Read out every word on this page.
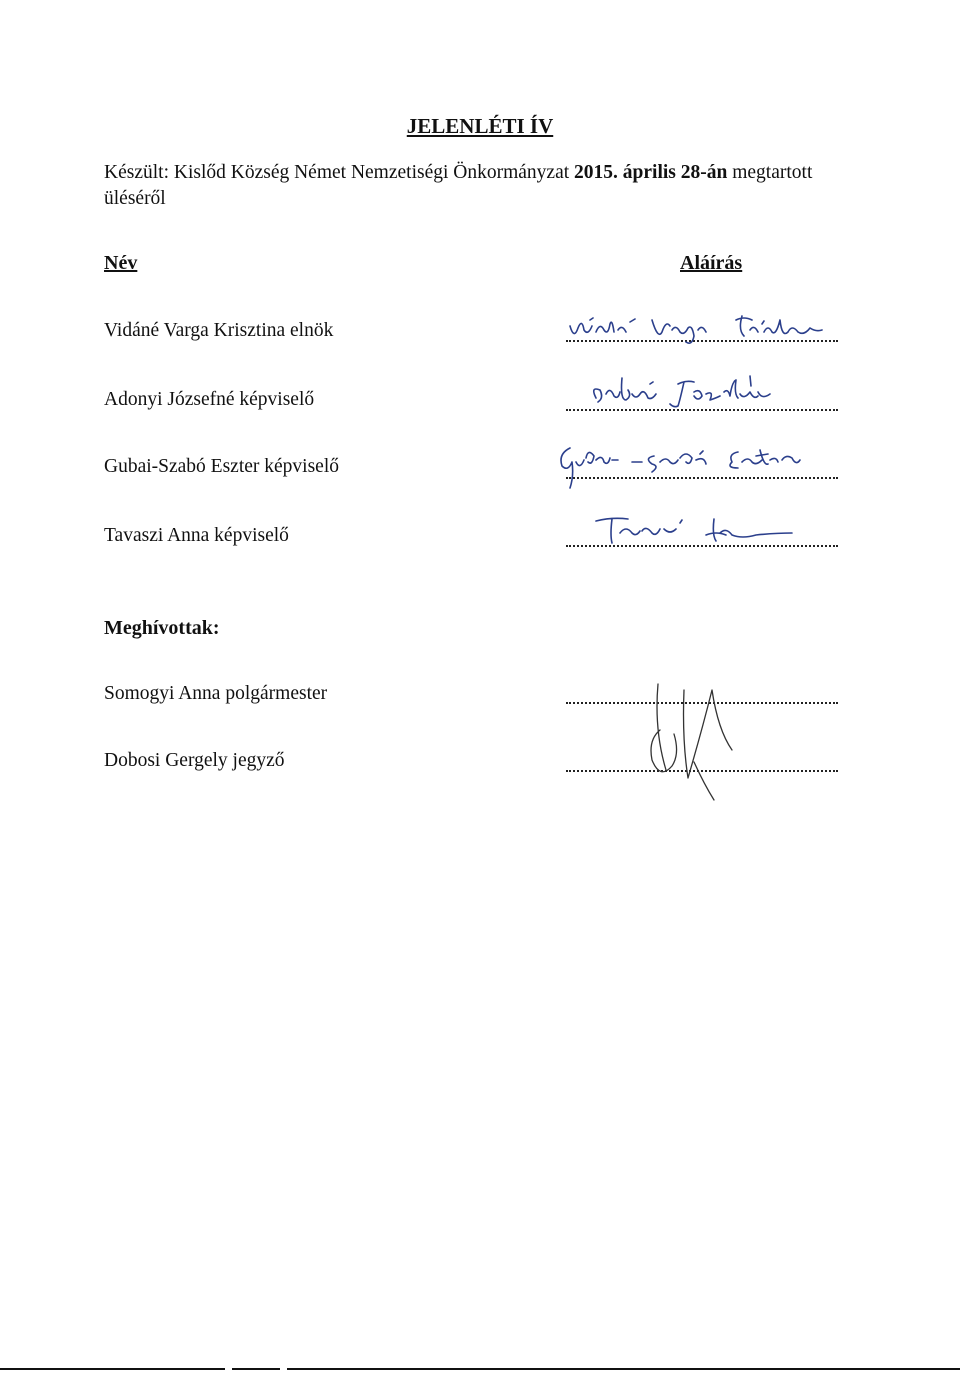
JELENLÉTI ÍV
Készült: Kislőd Község Német Nemzetiségi Önkormányzat 2015. április 28-án megtartott üléséről
Név	Aláírás
Vidáné Varga Krisztina elnök
Adonyi Józsefné képviselő
Gubai-Szabó Eszter képviselő
Tavaszi Anna képviselő
Meghívottak:
Somogyi Anna polgármester
Dobosi Gergely jegyző
